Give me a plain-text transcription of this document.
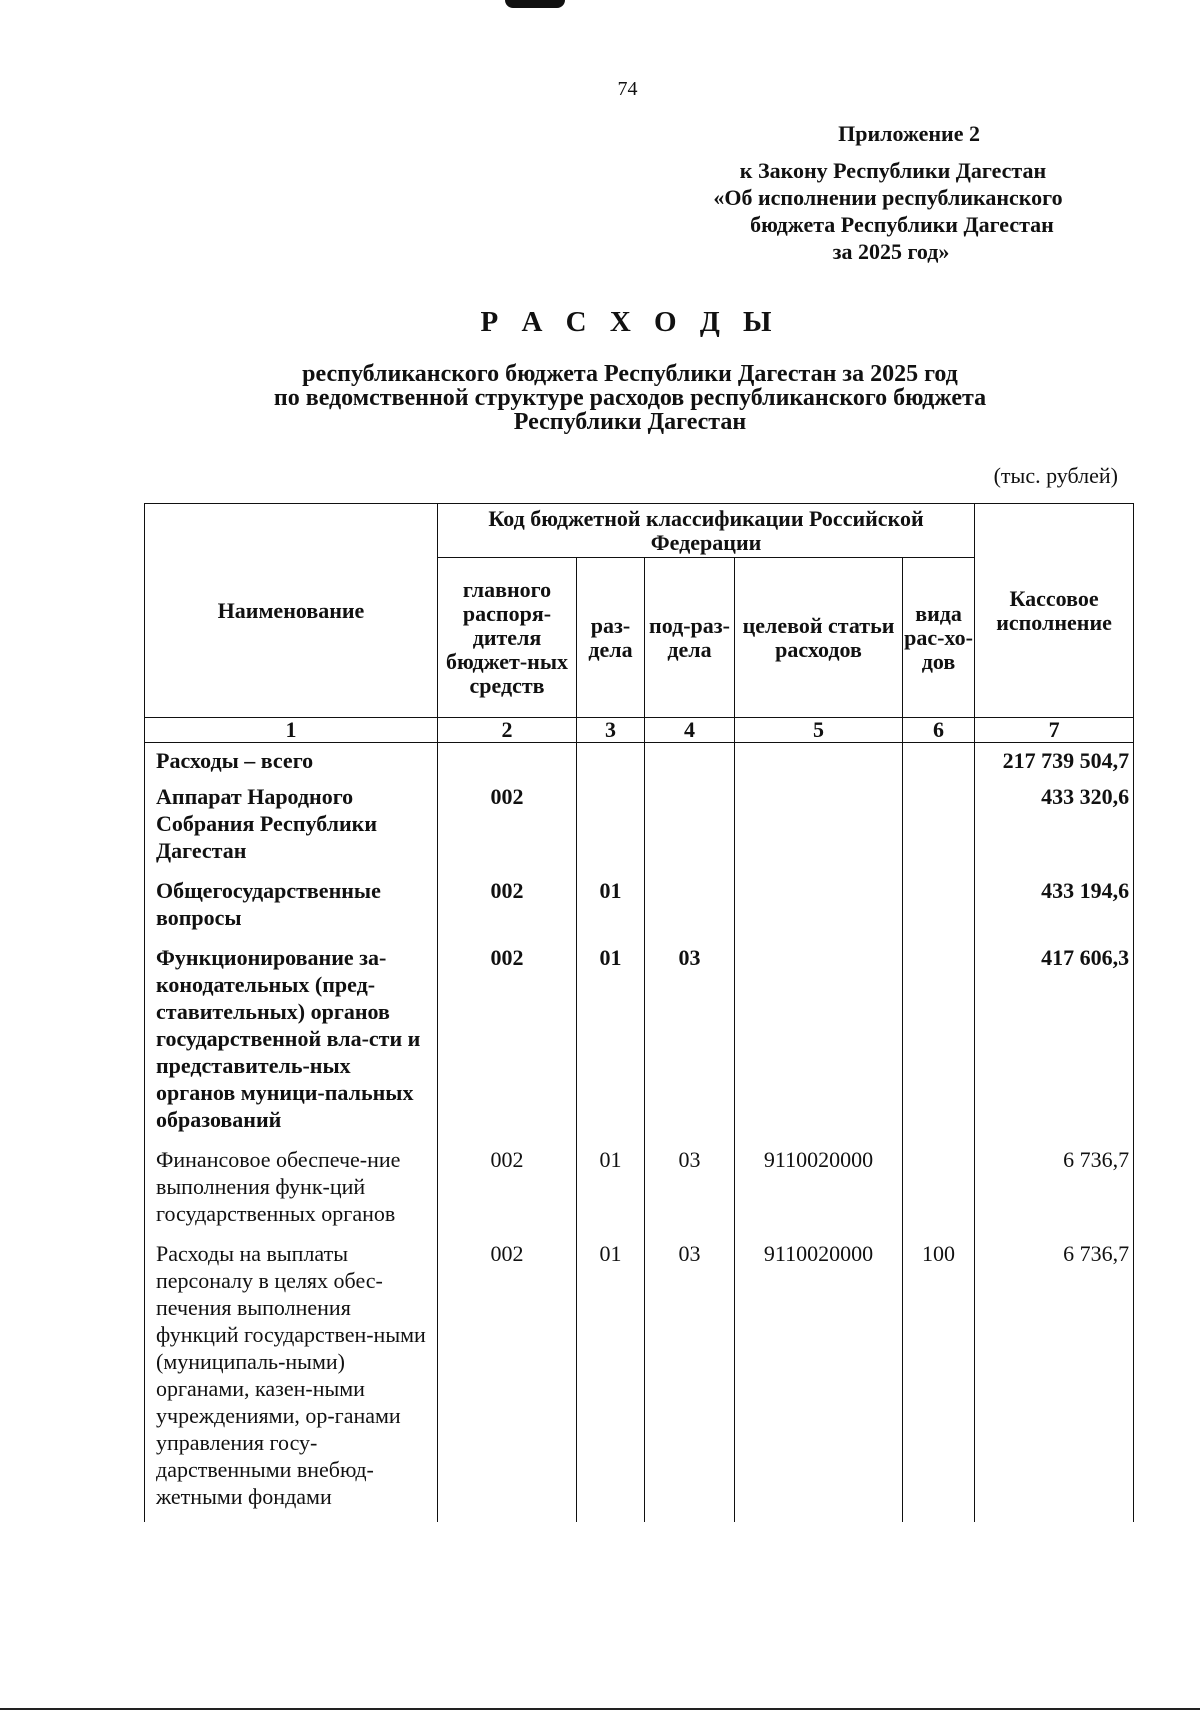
74
Приложение 2
к Закону Республики Дагестан
«Об исполнении республиканского
бюджета Республики Дагестан
за 2025 год»
Р А С Х О Д Ы
республиканского бюджета Республики Дагестан за 2025 год
по ведомственной структуре расходов республиканского бюджета
Республики Дагестан
(тыс. рублей)
Наименование	Код бюджетной классификации Российской Федерации					Кассовое исполнение
	главного распоря-дителя бюджет-ных средств	раз-дела	под-раз-дела	целевой статьи расходов	вида рас-хо-дов	
1	2	3	4	5	6	7
Расходы – всего						217 739 504,7
Аппарат Народного Собрания Республики Дагестан	002					433 320,6
Общегосударственные вопросы	002	01				433 194,6
Функционирование за-конодательных (пред-ставительных) органов государственной вла-сти и представитель-ных органов муници-пальных образований	002	01	03			417 606,3
Финансовое обеспече-ние выполнения функ-ций государственных органов	002	01	03	9110020000		6 736,7
Расходы на выплаты персоналу в целях обес-печения выполнения функций государствен-ными (муниципаль-ными) органами, казен-ными учреждениями, ор-ганами управления госу-дарственными внебюд-жетными фондами	002	01	03	9110020000	100	6 736,7
